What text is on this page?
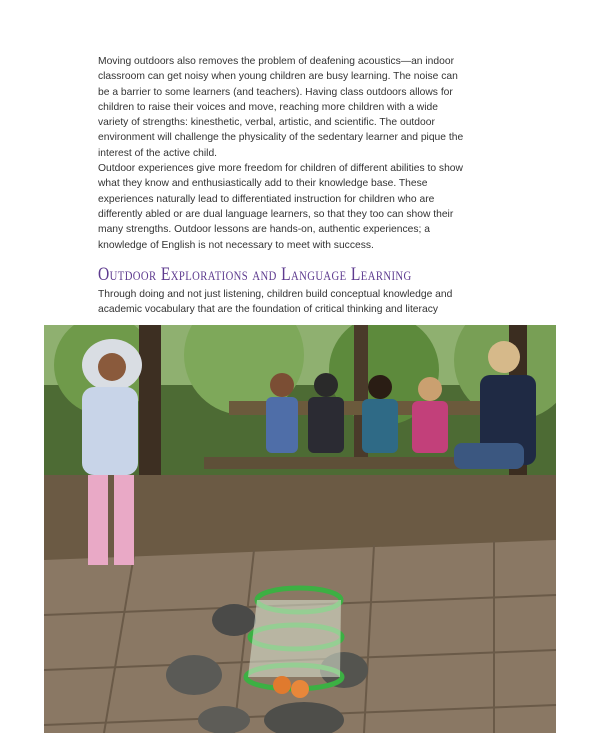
Moving outdoors also removes the problem of deafening acoustics—an indoor classroom can get noisy when young children are busy learning. The noise can be a barrier to some learners (and teachers). Having class outdoors allows for children to raise their voices and move, reaching more children with a wide variety of strengths: kinesthetic, verbal, artistic, and scientific. The outdoor environment will challenge the physicality of the sedentary learner and pique the interest of the active child.

Outdoor experiences give more freedom for children of different abilities to show what they know and enthusiastically add to their knowledge base. These experiences naturally lead to differentiated instruction for children who are differently abled or are dual language learners, so that they too can show their many strengths. Outdoor lessons are hands-on, authentic experiences; a knowledge of English is not necessary to meet with success.

Outdoor Explorations and Language Learning

Through doing and not just listening, children build conceptual knowledge and academic vocabulary that are the foundation of critical thinking and literacy
